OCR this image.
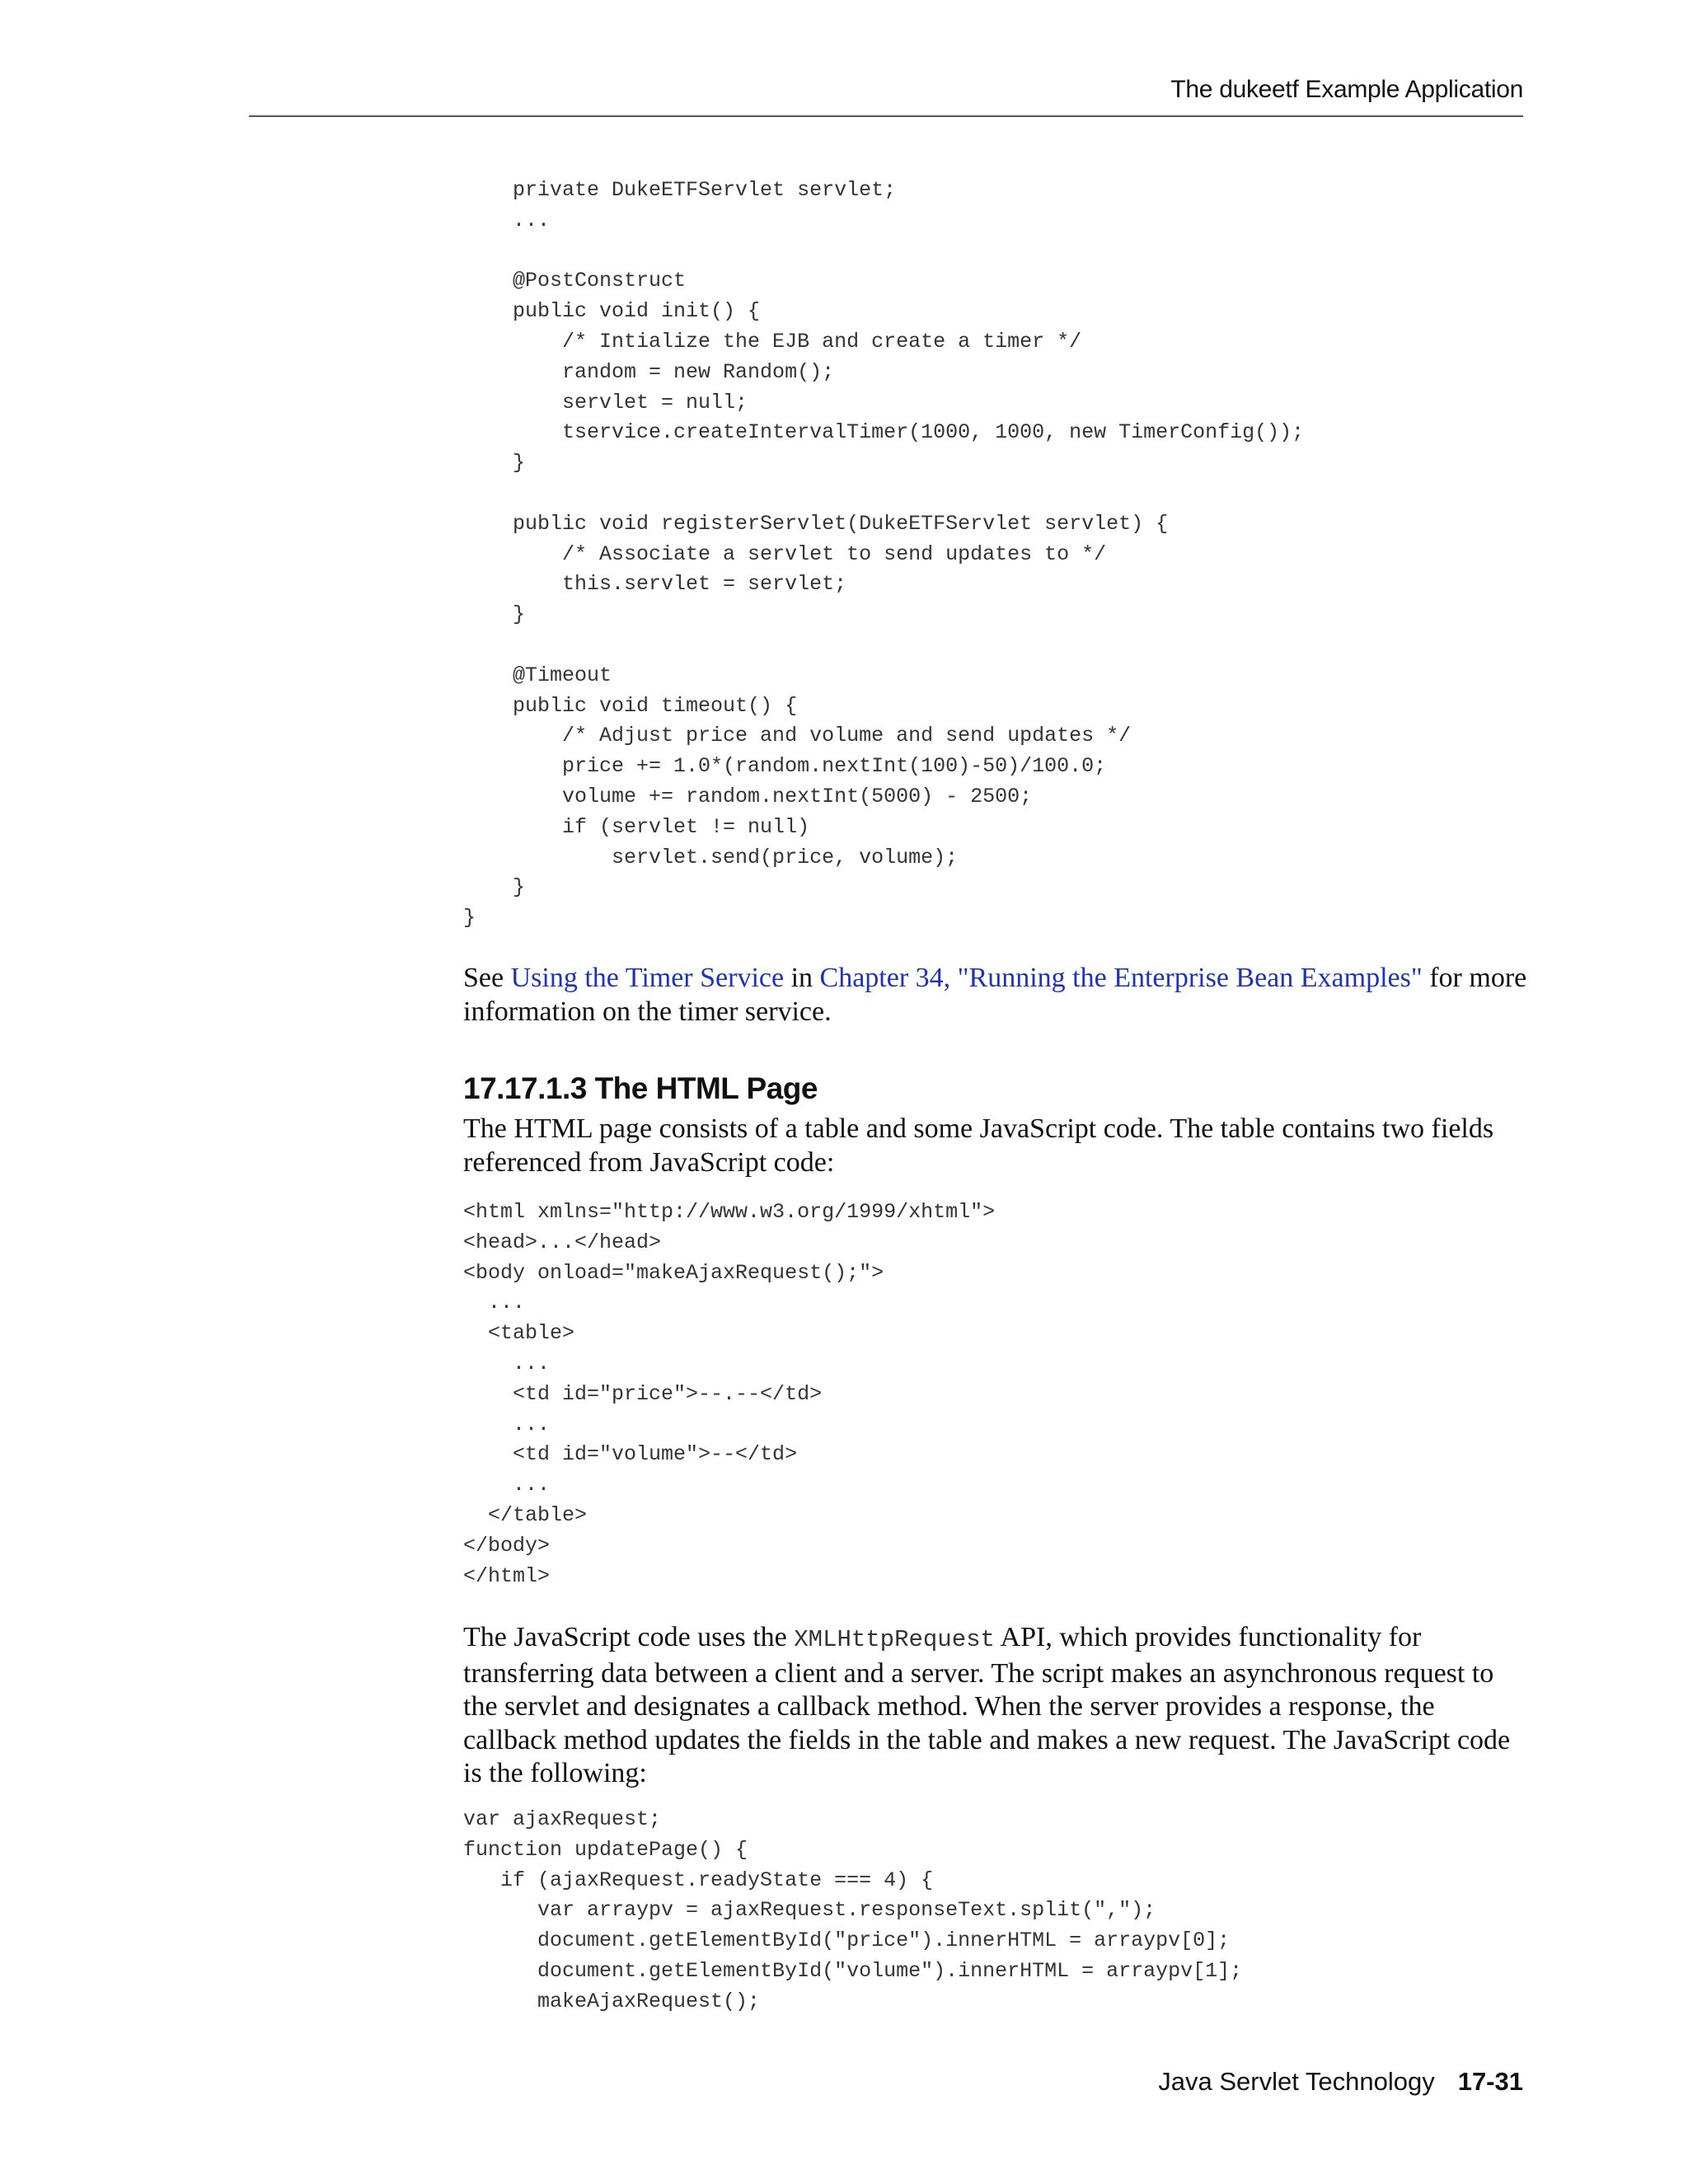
The dukeetf Example Application
private DukeETFServlet servlet;
...
@PostConstruct
public void init() {
/* Intialize the EJB and create a timer */
random = new Random();
servlet = null;
tservice.createIntervalTimer(1000, 1000, new TimerConfig());
}
public void registerServlet(DukeETFServlet servlet) {
/* Associate a servlet to send updates to */
this.servlet = servlet;
}
@Timeout
public void timeout() {
/* Adjust price and volume and send updates */
price += 1.0*(random.nextInt(100)-50)/100.0;
volume += random.nextInt(5000) - 2500;
if (servlet != null)
servlet.send(price, volume);
}
}

See Using the Timer Service in Chapter 34, "Running the Enterprise Bean Examples" for more information on the timer service.

17.17.1.3 The HTML Page

The HTML page consists of a table and some JavaScript code. The table contains two fields referenced from JavaScript code:

<html xmlns="http://www.w3.org/1999/xhtml">
<head>...</head>
<body onload="makeAjaxRequest();">
...
<table>
...
<td id="price">--.--</td>
...
<td id="volume">--</td>
...
</table>
</body>
</html>

The JavaScript code uses the XMLHttpRequest API, which provides functionality for transferring data between a client and a server. The script makes an asynchronous request to the servlet and designates a callback method. When the server provides a response, the callback method updates the fields in the table and makes a new request. The JavaScript code is the following:

var ajaxRequest;
function updatePage() {
if (ajaxRequest.readyState === 4) {
var arraypv = ajaxRequest.responseText.split(",");
document.getElementById("price").innerHTML = arraypv[0];
document.getElementById("volume").innerHTML = arraypv[1];
makeAjaxRequest();
Java Servlet Technology 17-31
